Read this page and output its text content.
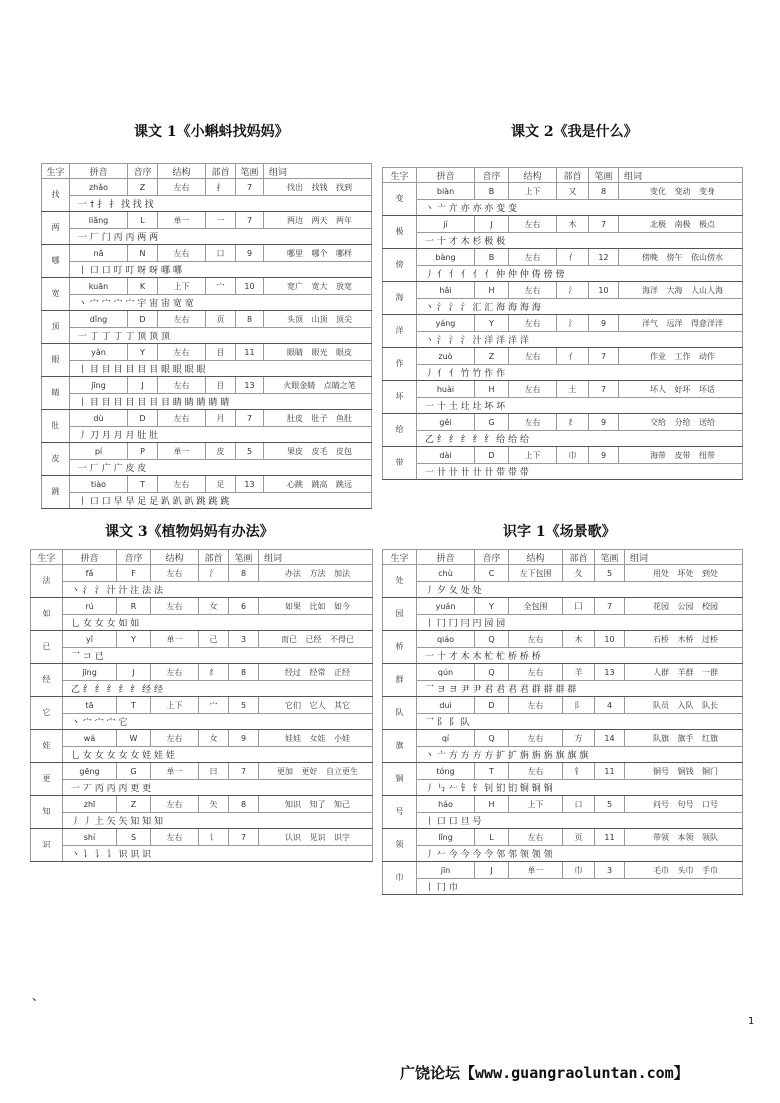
课文 1《小蝌蚪找妈妈》	课文 2《我是什么》
课文 3《植物妈妈有办法》	识字 1《场景歌》
生字	拼音	音序	结构	部首	笔画	组词
找	zhǎo	Z	左右	扌	7	找出 找钱 找到
	一 † 扌 扌 找 找 找					
两	liǎng	L	单一	一	7	两边 两天 两年
	一 厂 门 丙 丙 两 两					
哪	nǎ	N	左右	口	9	哪里 哪个 哪样
	丨 口 口 叮 叮 呀 呀 哪 哪					
宽	kuān	K	上下	宀	10	宽广 宽大 放宽
	丶 宀 宀 宀 宀 宇 宙 宙 宽 宽					
顶	dǐng	D	左右	页	8	头顶 山顶 顶尖
	一 丁 丁 丁 丁 顶 顶 顶					
眼	yǎn	Y	左右	目	11	眼睛 眼光 眼皮
	丨 目 目 目 目 目 目 眼 眼 眼 眼					
睛	jīng	J	左右	目	13	火眼金睛 点睛之笔
	丨 目 目 目 目 目 目 目 睛 睛 睛 睛 睛					
肚	dù	D	左右	月	7	肚皮 肚子 鱼肚
	丿 刀 月 月 月 肚 肚					
皮	pí	P	单一	皮	5	果皮 皮毛 皮包
	一 厂 广 广 皮 皮					
跳	tiào	T	左右	足	13	心跳 跳高 跳远
	丨 口 口 早 早 足 足 趴 趴 趴 跳 跳 跳					
生字	拼音	音序	结构	部首	笔画	组词
变	biàn	B	上下	又	8	变化 变动 变身
	丶 亠 亣 亦 亦 亦 变 变					
极	jí	J	左右	木	7	北极 南极 极点
	一 十 才 木 杉 极 极					
傍	bàng	B	左右	亻	12	傍晚 傍午 依山傍水
	丿 亻 亻 亻 亻 亻 仲 仲 仲 俦 傍 傍					
海	hǎi	H	左右	氵	10	海洋 大海 人山人海
	丶 氵 氵 氵 汇 汇 海 海 海 海					
洋	yáng	Y	左右	氵	9	洋气 远洋 得意洋洋
	丶 氵 氵 氵 汁 洋 洋 洋 洋					
作	zuò	Z	左右	亻	7	作业 工作 动作
	丿 亻 亻 竹 竹 作 作					
坏	huài	H	左右	土	7	坏人 好坏 坏话
	一 十 土 圵 圵 坏 坏					
给	gěi	G	左右	纟	9	交给 分给 送给
	乙 纟 纟 纟 纟 纟 给 给 给					
带	dài	D	上下	巾	9	海带 皮带 纽带
	一 卄 卄 卄 卄 卄 带 带 带					
生字	拼音	音序	结构	部首	笔画	组词
法	fǎ	F	左右	氵	8	办法 方法 加法
	丶 氵 氵 汁 汁 注 法 法					
如	rú	R	左右	女	6	如果 比如 如今
	乚 女 女 女 如 如					
已	yǐ	Y	单一	己	3	而已 已经 不得已
	乛 コ 已					
经	jīng	J	左右	纟	8	经过 经常 正经
	乙 纟 纟 纟 纟 纟 经 经					
它	tā	T	上下	宀	5	它们 它人 其它
	丶 宀 宀 宀 它					
娃	wá	W	左右	女	9	娃娃 女娃 小娃
	乚 女 女 女 女 女 娃 娃 娃					
更	gēng	G	单一	曰	7	更加 更好 自立更生
	一 丆 丙 丙 丙 更 更					
知	zhī	Z	左右	矢	8	知识 知了 知己
	丿 丿 上 矢 矢 知 知 知					
识	shí	S	左右	讠	7	认识 见识 识字
	丶 讠 讠 讠 识 识 识					
生字	拼音	音序	结构	部首	笔画	组词
处	chù	C	左下包围	夂	5	用处 坏处 到处
	丿 夕 夂 处 处					
园	yuán	Y	全包围	囗	7	花园 公园 校园
	丨 冂 冂 冃 円 园 园					
桥	qiáo	Q	左右	木	10	石桥 木桥 过桥
	一 十 才 木 木 杧 杧 桥 桥 桥					
群	qún	Q	左右	羊	13	人群 羊群 一群
	乛 ヨ ヨ 尹 尹 君 君 君 君 群 群 群 群					
队	duì	D	左右	阝	4	队员 入队 队长
	乛 阝 阝 队					
旗	qí	Q	左右	方	14	队旗 旗手 红旗
	丶 亠 方 方 方 方 扩 扩 旃 旃 旃 旗 旗 旗					
铜	tóng	T	左右	钅	11	铜号 铜钱 铜门
	丿 ㇉ 𠂉 钅 钅 钊 钔 钔 铜 铜 铜					
号	háo	H	上下	口	5	问号 句号 口号
	丨 口 口 旦 号					
领	lǐng	L	左右	页	11	带领 本领 领队
	丿 𠂉 今 今 今 令 邻 邻 领 领 领					
巾	jīn	J	单一	巾	3	毛巾 头巾 手巾
	丨 冂 巾					
、
1
广饶论坛【www.guangraoluntan.com】
